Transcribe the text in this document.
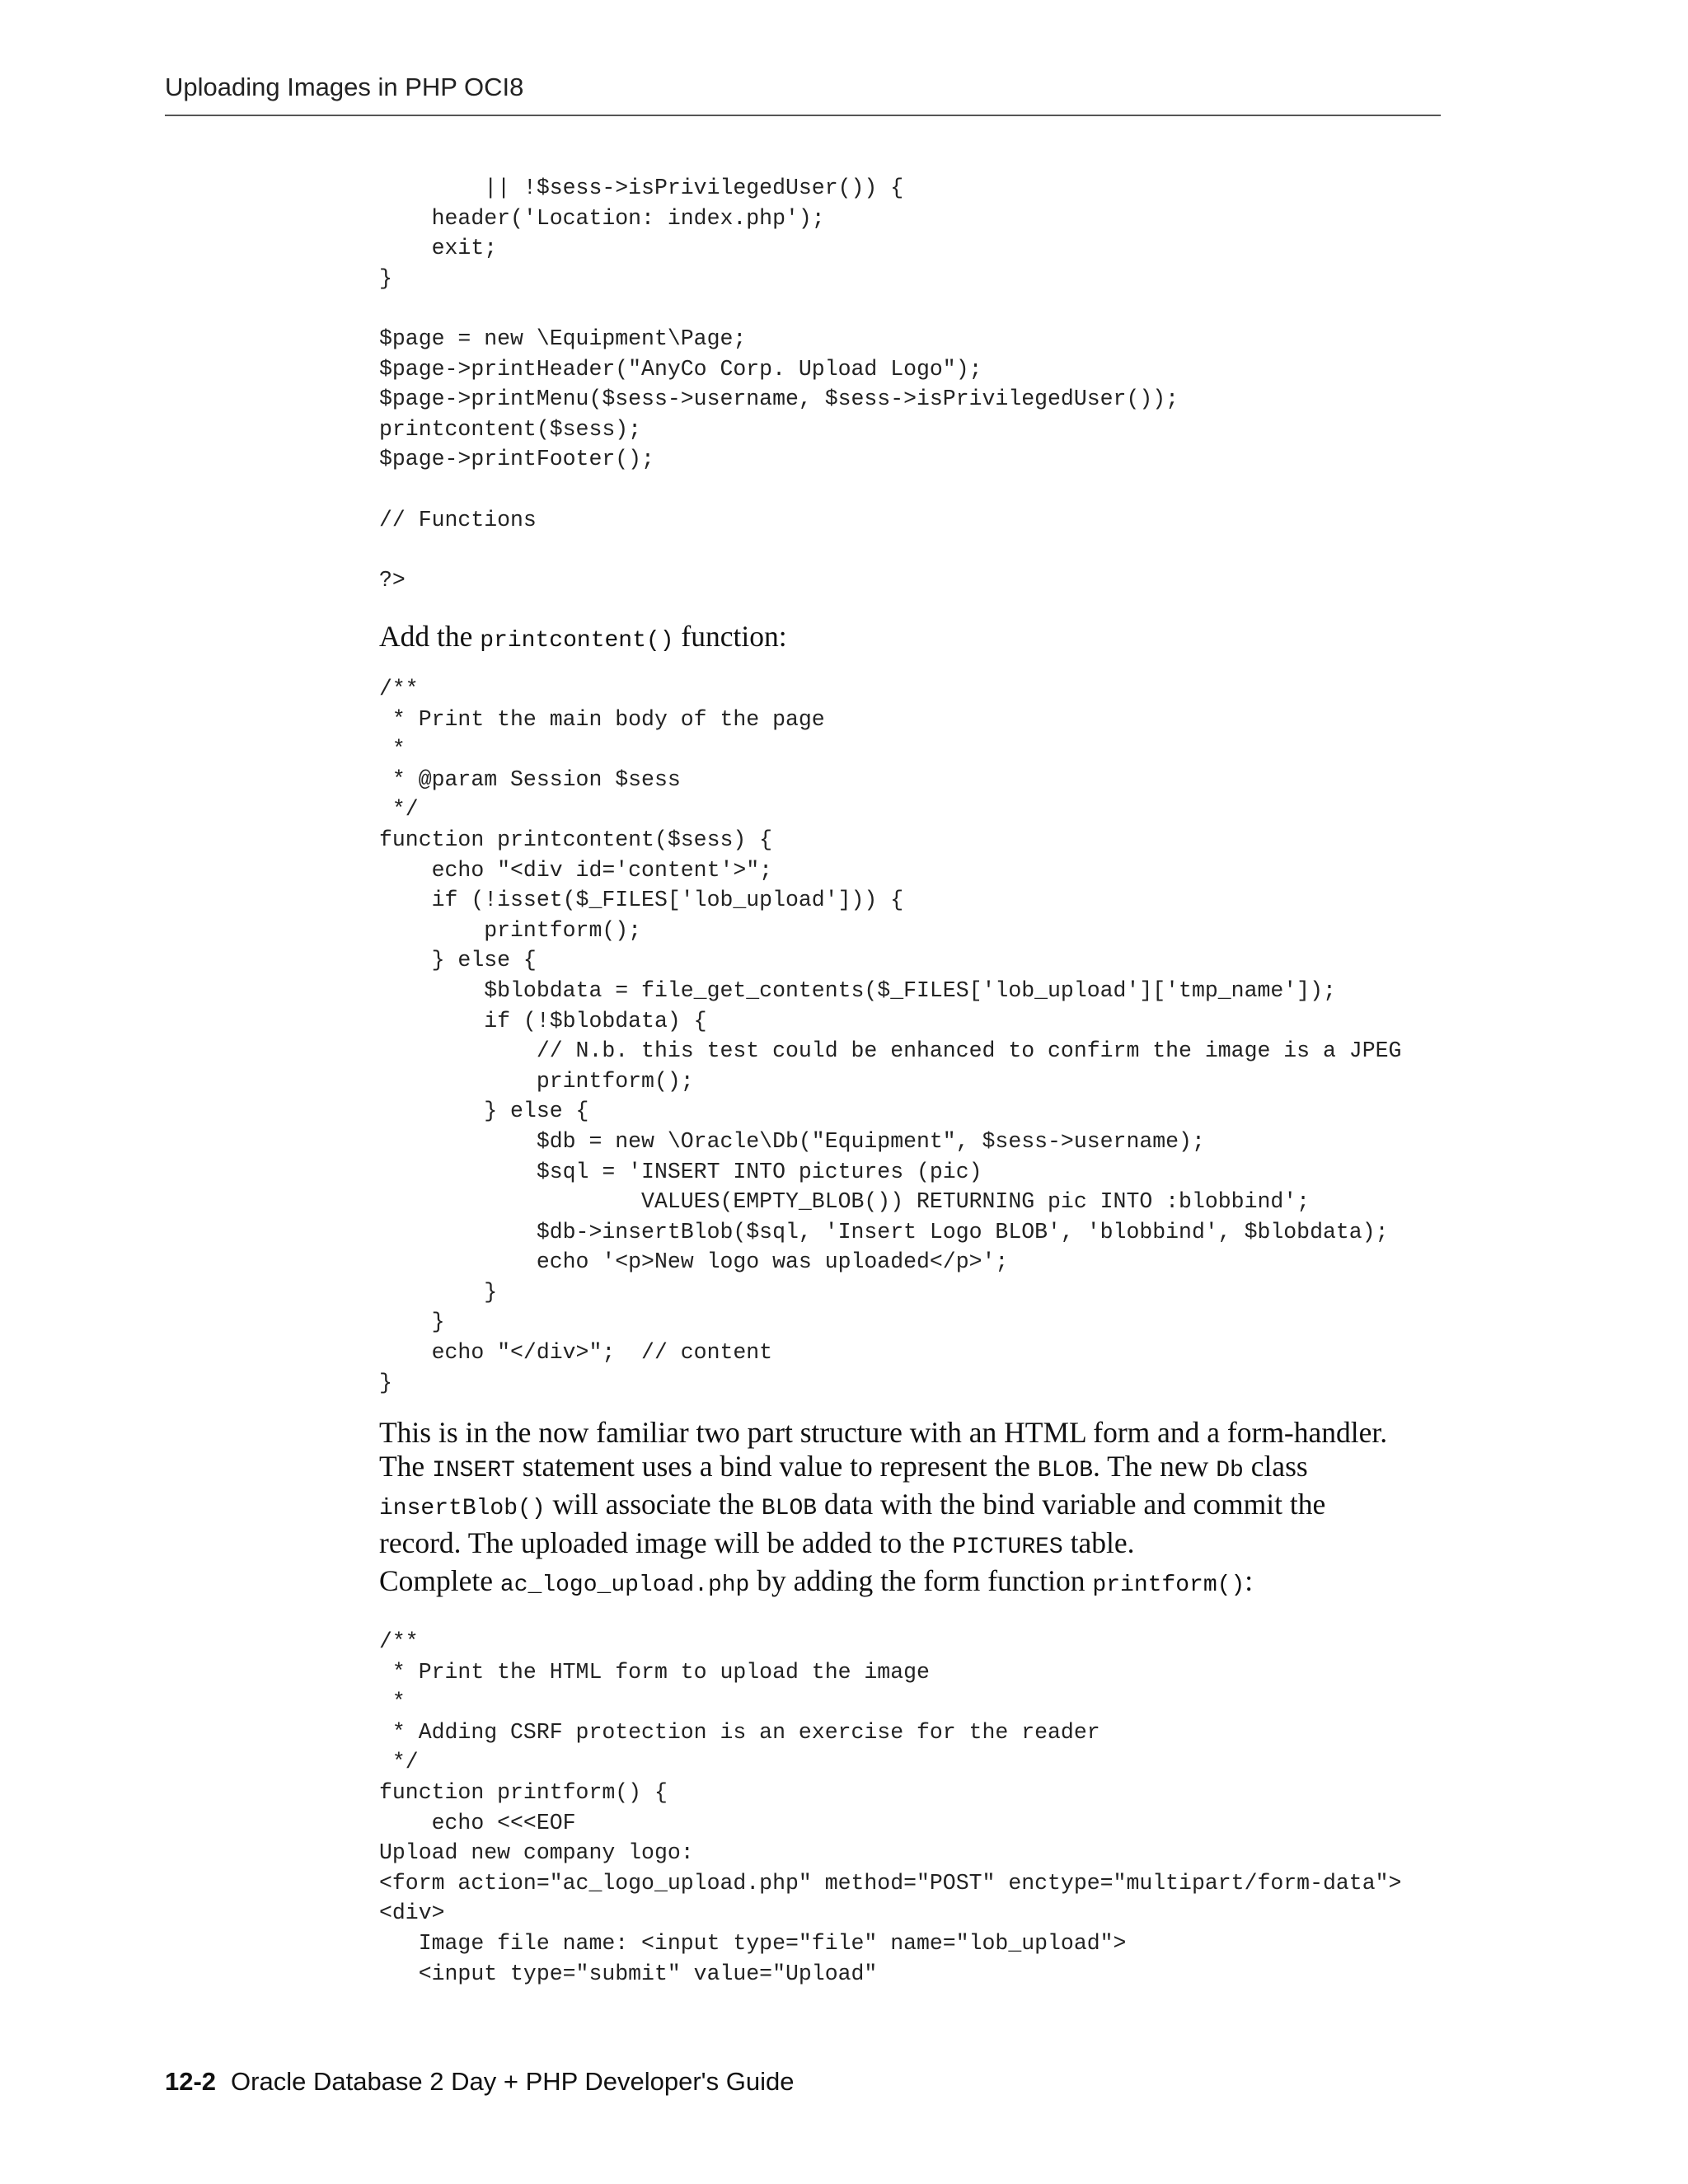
Uploading Images in PHP OCI8
|| !$sess->isPrivilegedUser()) {
header('Location: index.php');
exit;
}

$page = new \Equipment\Page;
$page->printHeader("AnyCo Corp. Upload Logo");
$page->printMenu($sess->username, $sess->isPrivilegedUser());
printcontent($sess);
$page->printFooter();

// Functions

?>
Add the printcontent() function:
/**
* Print the main body of the page
*
* @param Session $sess
*/
function printcontent($sess) {
echo "<div id='content'>";
if (!isset($_FILES['lob_upload'])) {
printform();
} else {
$blobdata = file_get_contents($_FILES['lob_upload']['tmp_name']);
if (!$blobdata) {
// N.b. this test could be enhanced to confirm the image is a JPEG
printform();
} else {
$db = new \Oracle\Db("Equipment", $sess->username);
$sql = 'INSERT INTO pictures (pic)
VALUES(EMPTY_BLOB()) RETURNING pic INTO :blobbind';
$db->insertBlob($sql, 'Insert Logo BLOB', 'blobbind', $blobdata);
echo '<p>New logo was uploaded</p>';
}
}
echo "</div>";  // content
}
This is in the now familiar two part structure with an HTML form and a form-handler.
The INSERT statement uses a bind value to represent the BLOB. The new Db class
insertBlob() will associate the BLOB data with the bind variable and commit the
record. The uploaded image will be added to the PICTURES table.
Complete ac_logo_upload.php by adding the form function printform():
/**
* Print the HTML form to upload the image
*
* Adding CSRF protection is an exercise for the reader
*/
function printform() {
echo <<<EOF
Upload new company logo:
<form action="ac_logo_upload.php" method="POST" enctype="multipart/form-data">
<div>
Image file name: <input type="file" name="lob_upload">
<input type="submit" value="Upload"
12-2 Oracle Database 2 Day + PHP Developer's Guide
